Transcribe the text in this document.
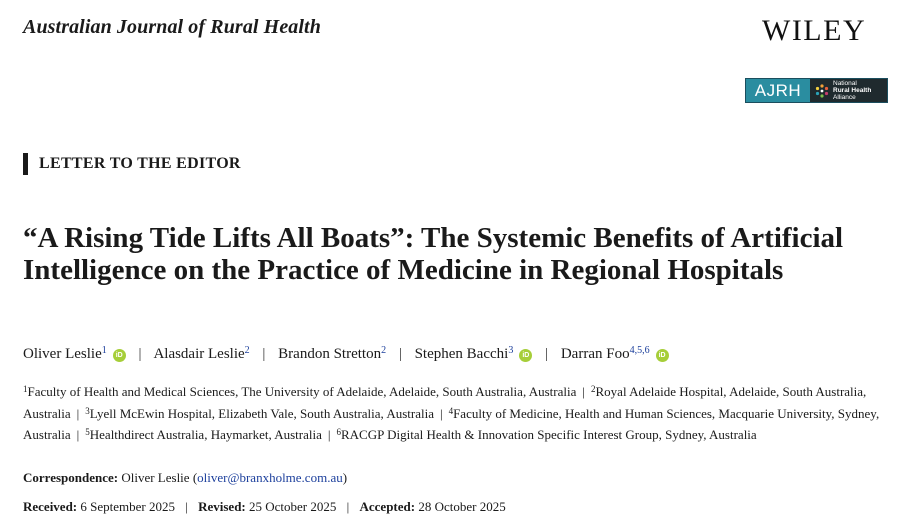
Australian Journal of Rural Health	WILEY
AJRH	National
Rural Health
Alliance
LETTER TO THE EDITOR
“A Rising Tide Lifts All Boats”: The Systemic Benefits of Artificial Intelligence on the Practice of Medicine in Regional Hospitals
Oliver Leslie$^1$ iD | Alasdair Leslie$^2$ | Brandon Stretton$^2$ | Stephen Bacchi$^3$ iD | Darran Foo$^{4,5,6}$ iD
$^1$Faculty of Health and Medical Sciences, The University of Adelaide, Adelaide, South Australia, Australia | $^2$Royal Adelaide Hospital, Adelaide, South Australia, Australia | $^3$Lyell McEwin Hospital, Elizabeth Vale, South Australia, Australia | $^4$Faculty of Medicine, Health and Human Sciences, Macquarie University, Sydney, Australia | $^5$Healthdirect Australia, Haymarket, Australia | $^6$RACGP Digital Health & Innovation Specific Interest Group, Sydney, Australia
Correspondence: Oliver Leslie (oliver@branxholme.com.au)
Received: 6 September 2025 | Revised: 25 October 2025 | Accepted: 28 October 2025
